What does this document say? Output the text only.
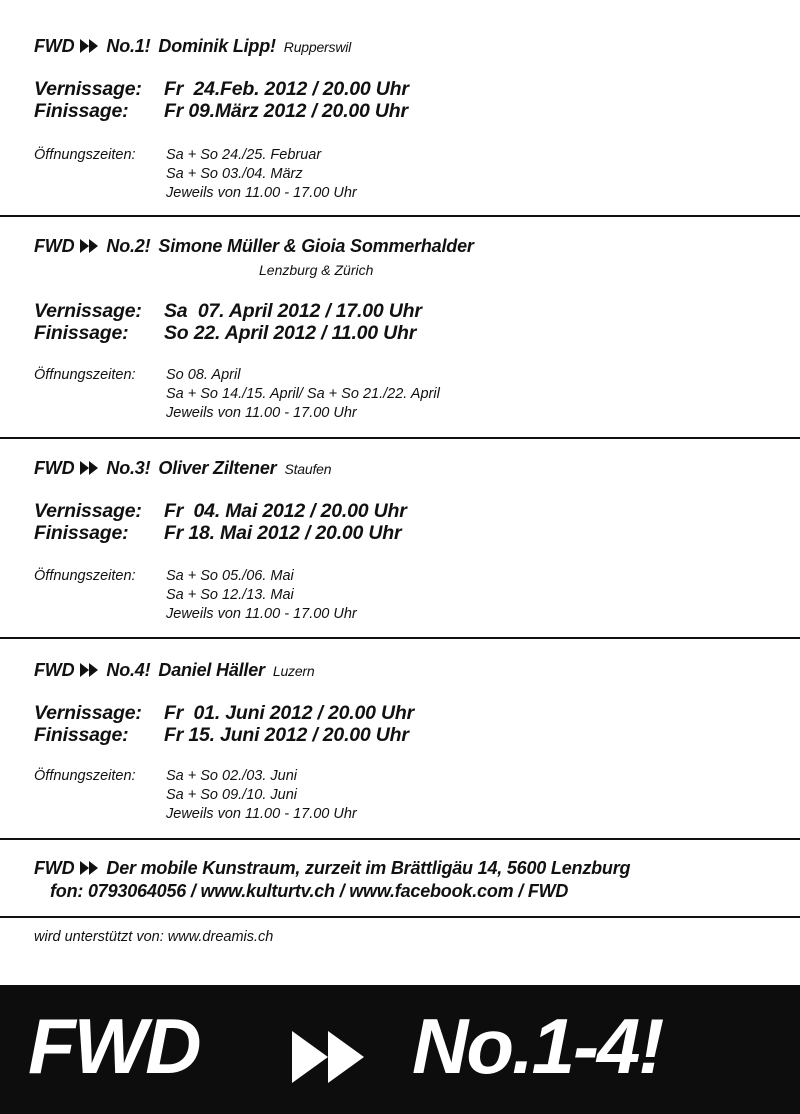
FWD No.1! Dominik Lipp! Rupperswil
Vernissage: Fr  24.Feb. 2012 / 20.00 Uhr
Finissage: Fr 09.März 2012 / 20.00 Uhr
Öffnungszeiten: Sa + So 24./25. Februar
Sa + So 03./04. März
Jeweils von 11.00 - 17.00 Uhr
FWD No.2! Simone Müller & Gioia Sommerhalder
Lenzburg & Zürich
Vernissage: Sa  07. April 2012 / 17.00 Uhr
Finissage: So 22. April 2012 / 11.00 Uhr
Öffnungszeiten: So 08. April
Sa + So 14./15. April/ Sa + So 21./22. April
Jeweils von 11.00 - 17.00 Uhr
FWD No.3! Oliver Ziltener Staufen
Vernissage: Fr  04. Mai 2012 / 20.00 Uhr
Finissage: Fr 18. Mai 2012 / 20.00 Uhr
Öffnungszeiten: Sa + So 05./06. Mai
Sa + So 12./13. Mai
Jeweils von 11.00 - 17.00 Uhr
FWD No.4! Daniel Häller Luzern
Vernissage: Fr  01. Juni 2012 / 20.00 Uhr
Finissage: Fr 15. Juni 2012 / 20.00 Uhr
Öffnungszeiten: Sa + So 02./03. Juni
Sa + So 09./10. Juni
Jeweils von 11.00 - 17.00 Uhr
FWD Der mobile Kunstraum, zurzeit im Brättligäu 14, 5600 Lenzburg
fon: 0793064056 / www.kulturtv.ch / www.facebook.com / FWD
wird unterstützt von: www.dreamis.ch
FWD	No.1-4!
